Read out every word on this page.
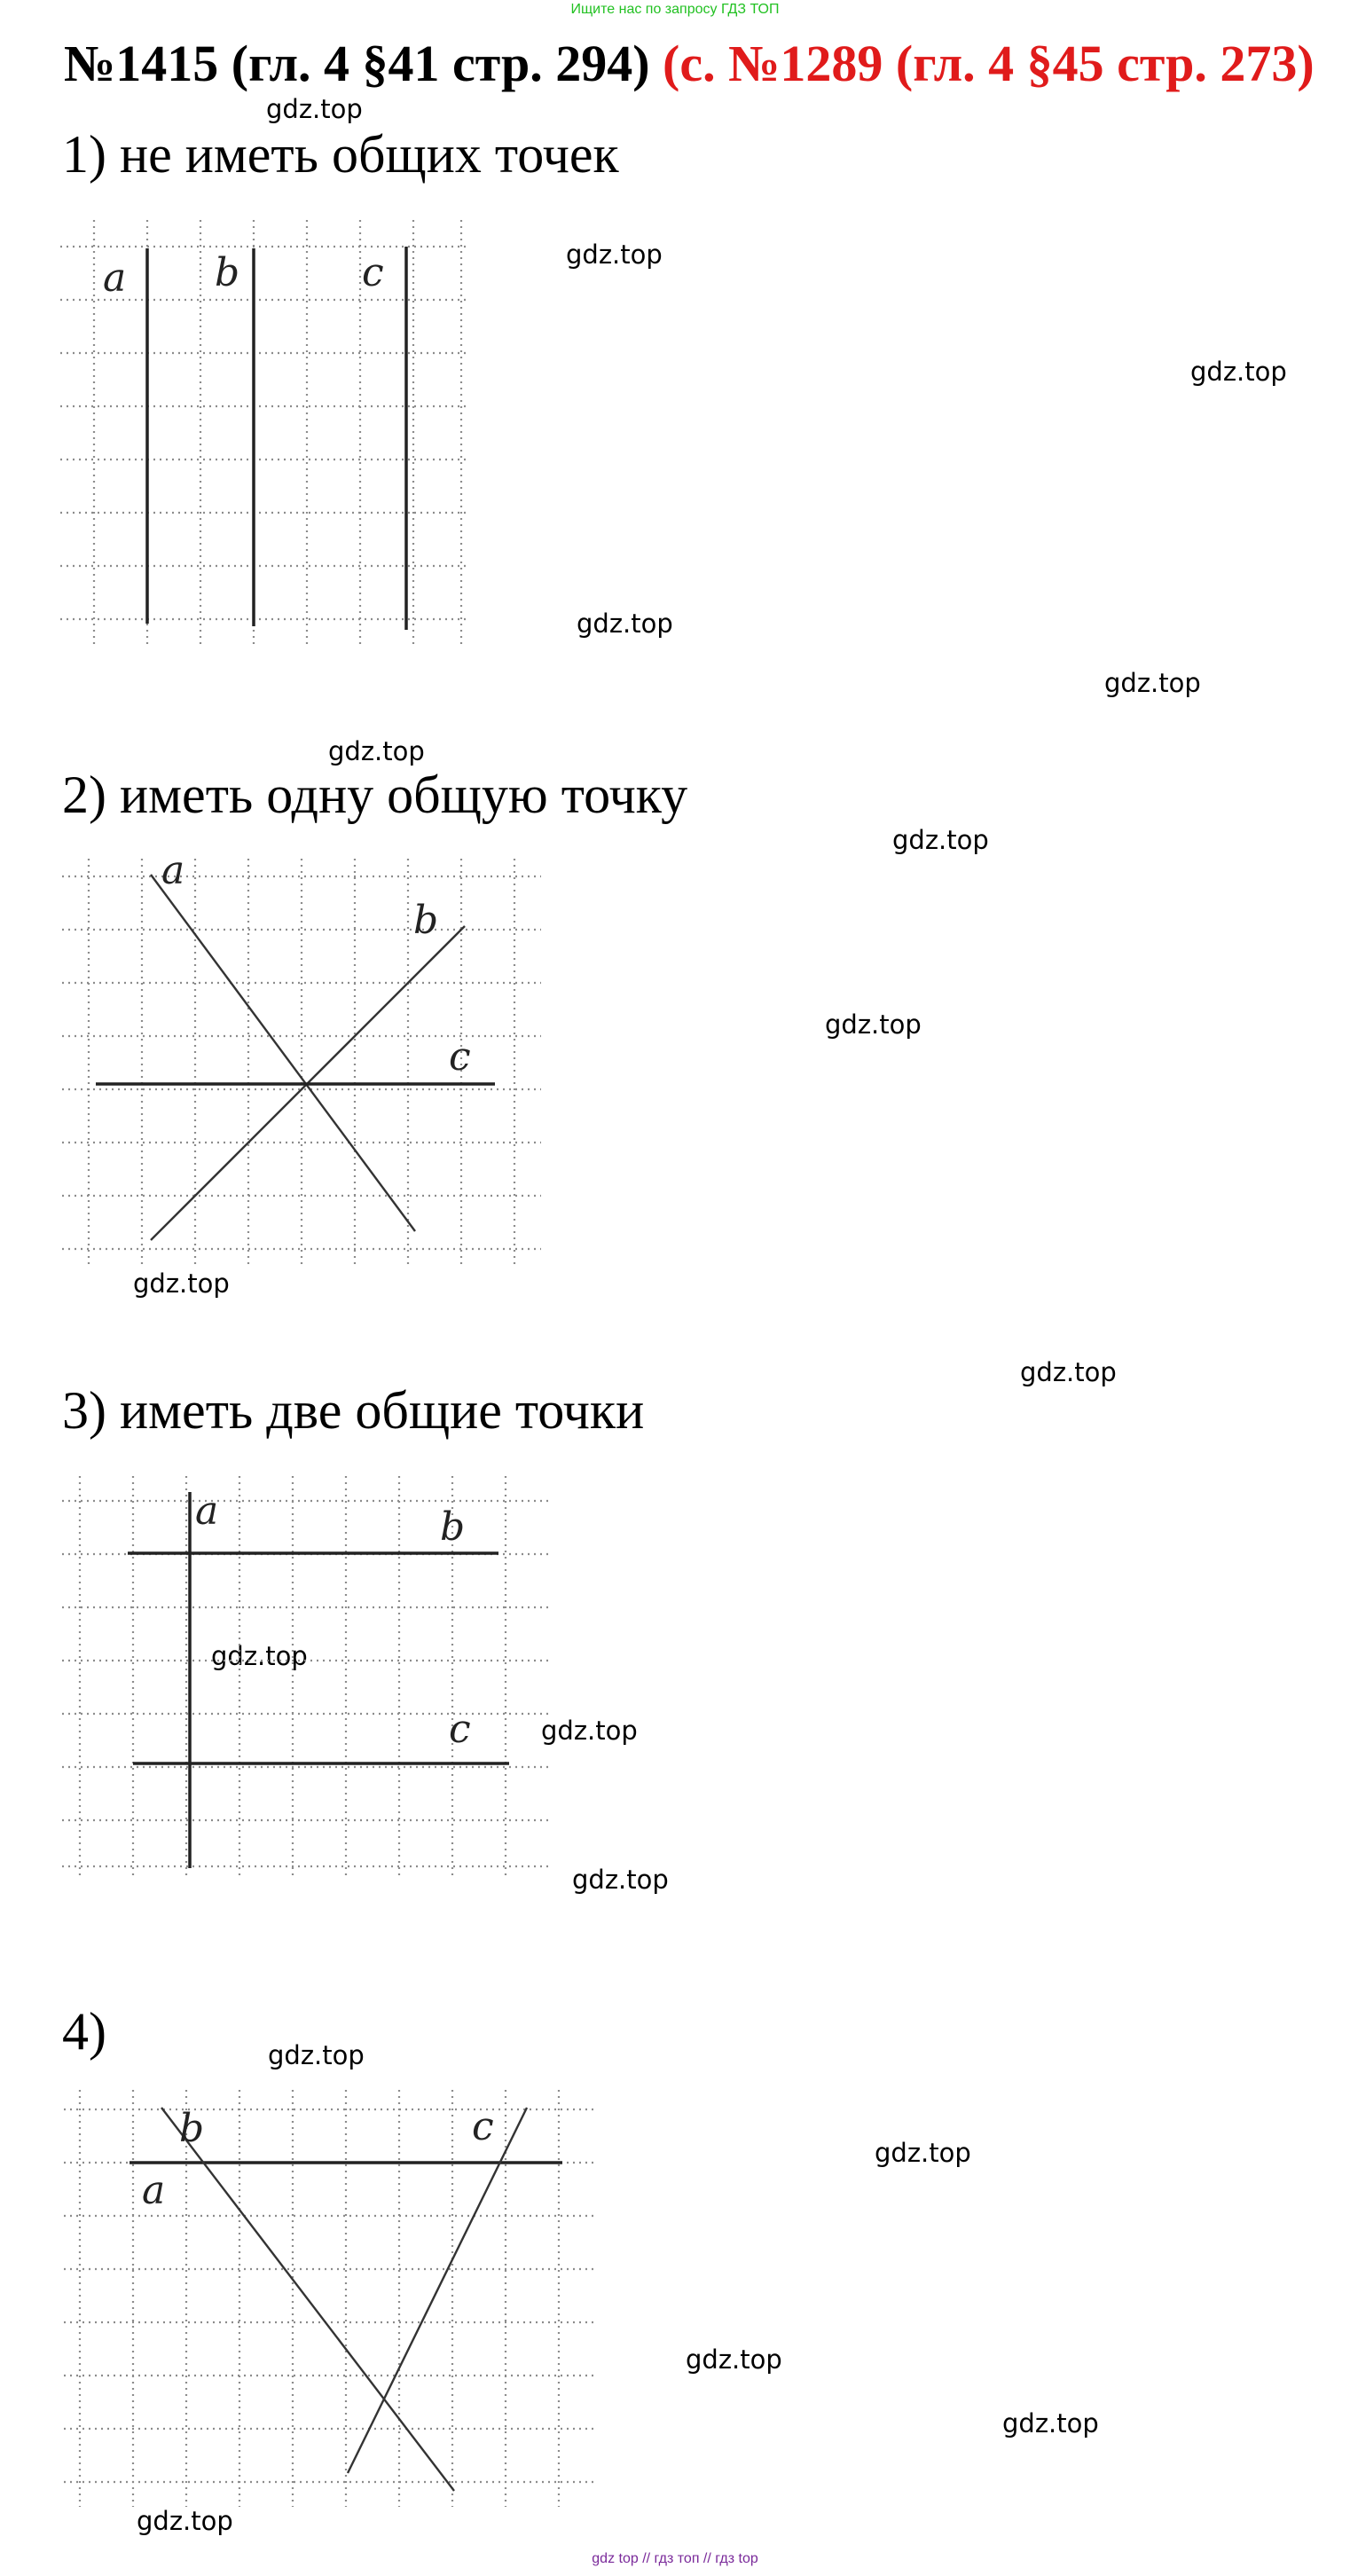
Ищите нас по запросу ГДЗ ТОП
№1415 (гл. 4 §41 стр. 294) (с. №1289 (гл. 4 §45 стр. 273)
gdz.top
gdz.top
gdz.top
gdz.top
gdz.top
gdz.top
gdz.top
gdz.top
gdz.top
gdz.top
gdz.top
gdz.top
gdz.top
gdz.top
gdz.top
gdz.top
gdz.top
gdz.top
1) не иметь общих точек
a b	c
2) иметь одну общую точку
a
b
c
3) иметь две общие точки
a	b
c
4)
a
b	c
gdz top // гдз топ // гдз top
